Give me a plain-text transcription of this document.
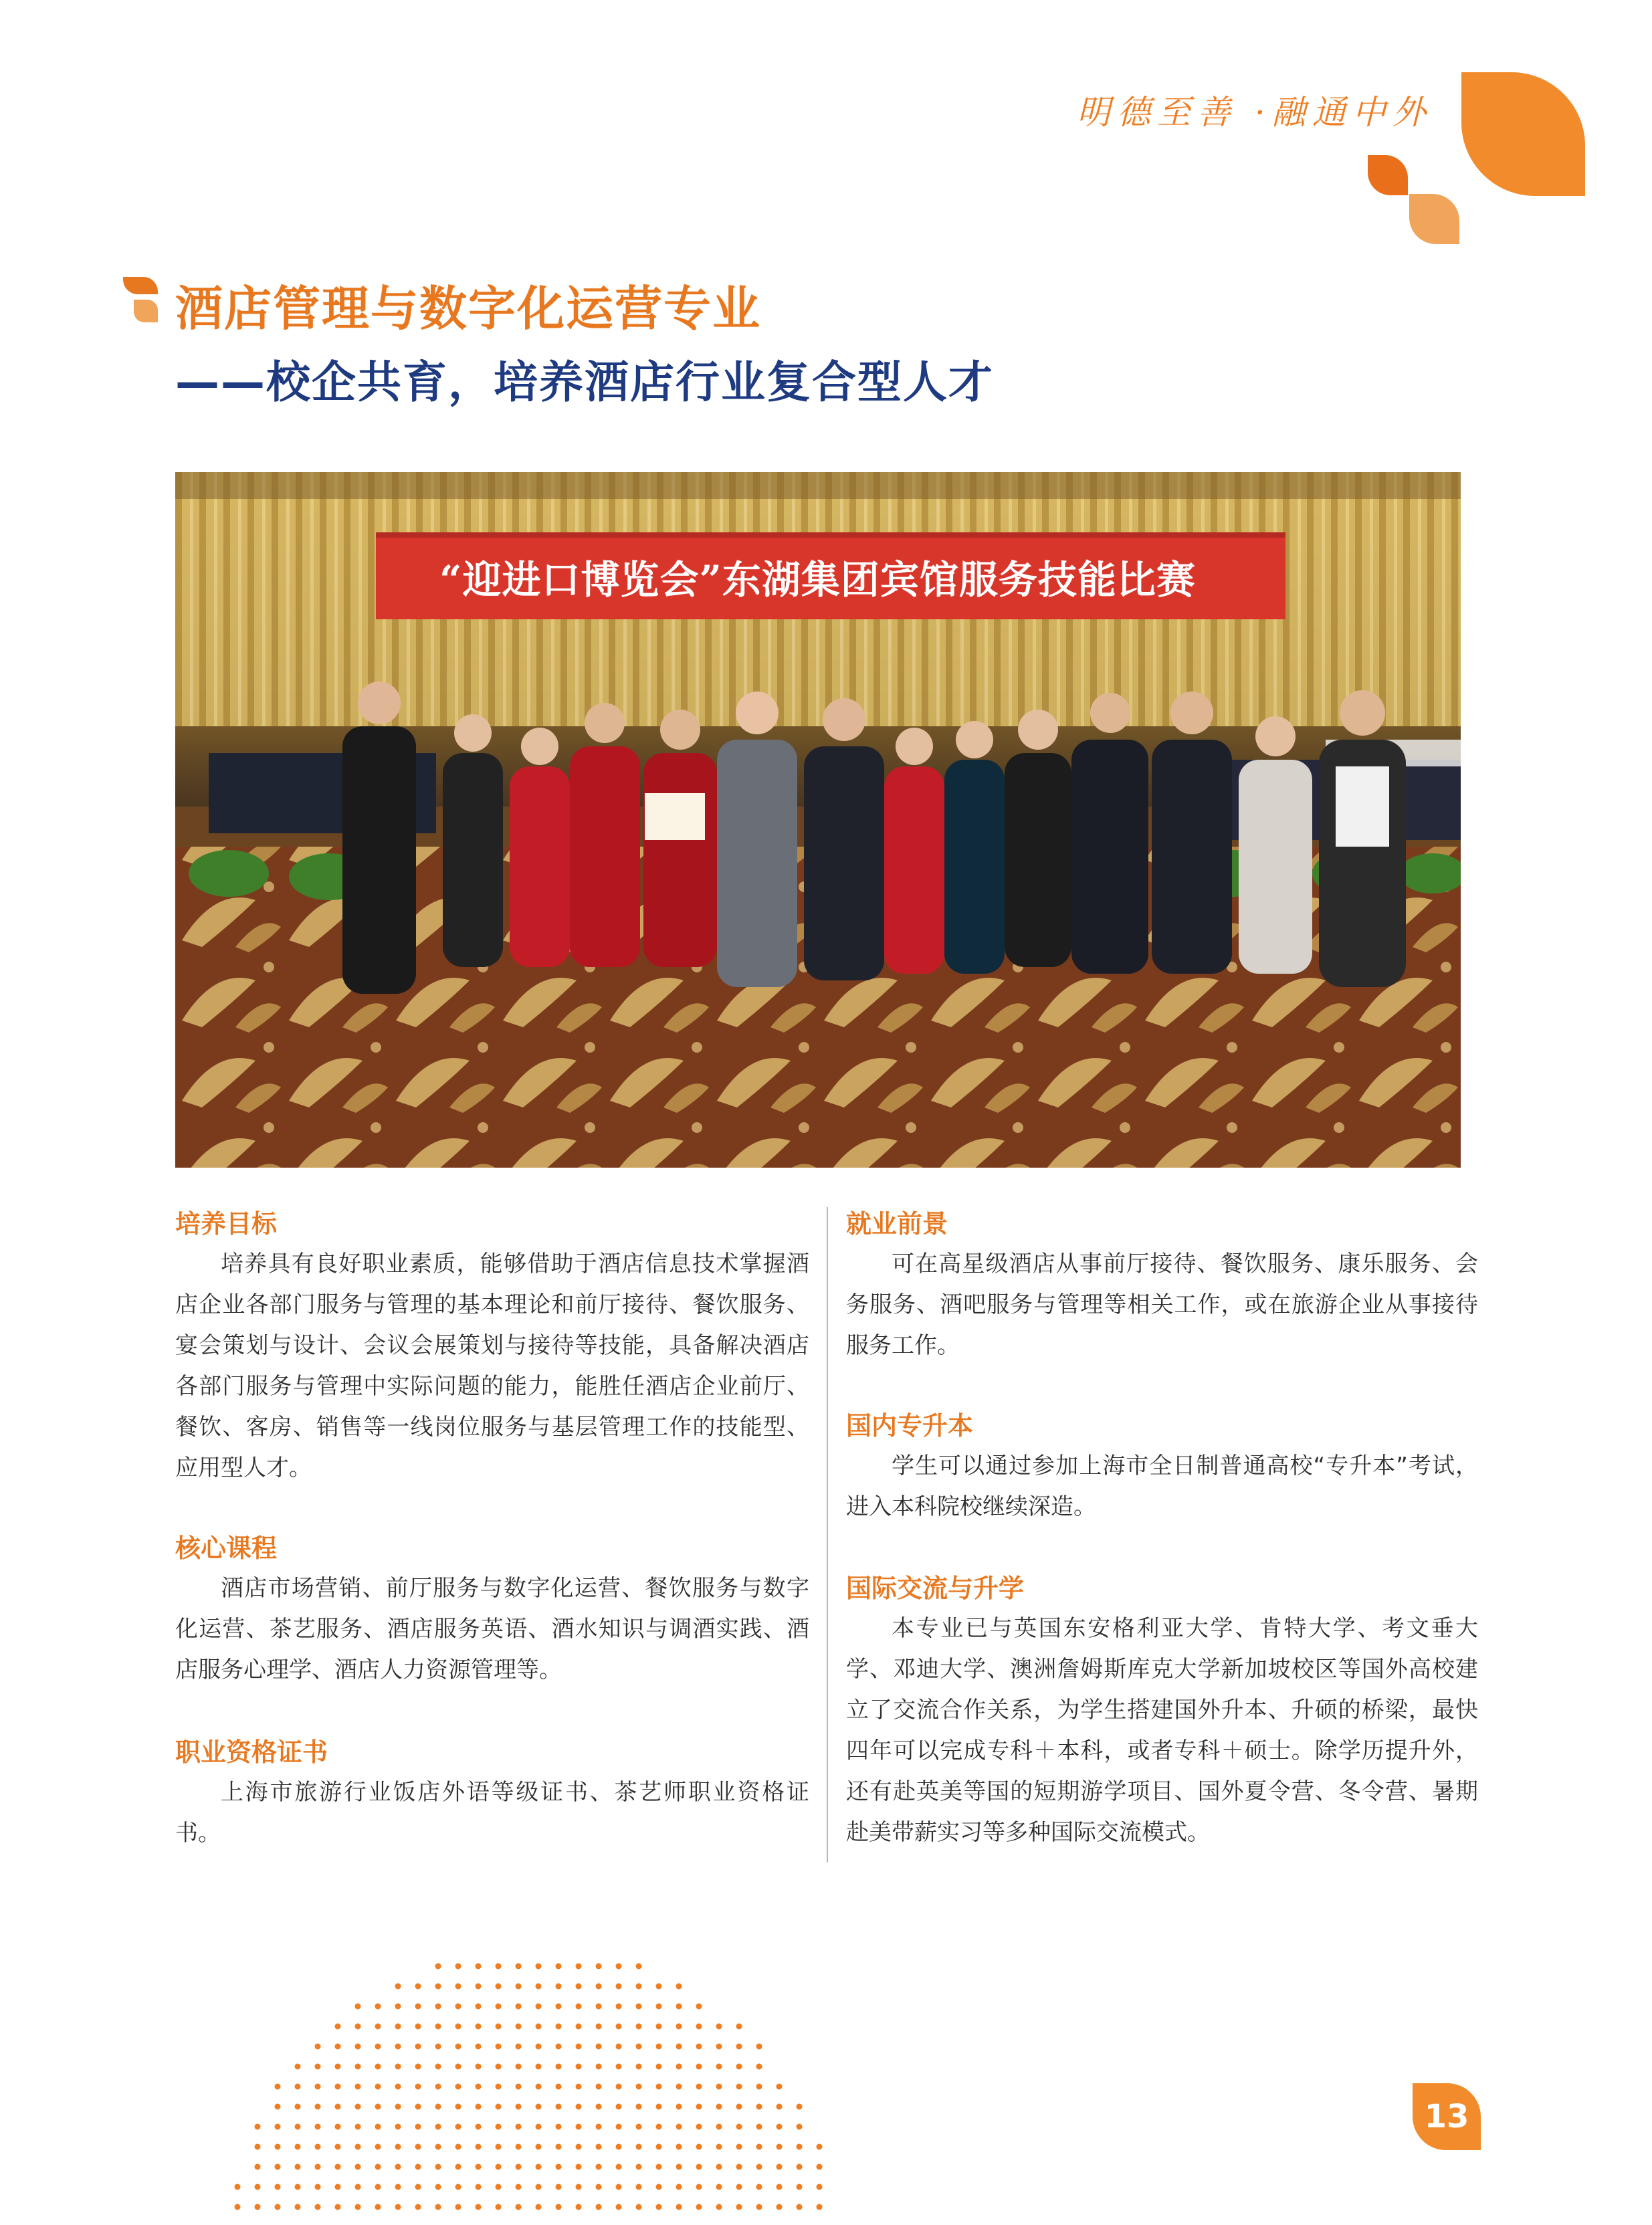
明德至善 ·融通中外
酒店管理与数字化运营专业
——校企共育，培养酒店行业复合型人才
“迎进口博览会”东湖集团宾馆服务技能比赛
培养目标

培养具有良好职业素质，能够借助于酒店信息技术掌握酒店企业各部门服务与管理的基本理论和前厅接待、餐饮服务、宴会策划与设计、会议会展策划与接待等技能，具备解决酒店各部门服务与管理中实际问题的能力，能胜任酒店企业前厅、餐饮、客房、销售等一线岗位服务与基层管理工作的技能型、应用型人才。

核心课程

酒店市场营销、前厅服务与数字化运营、餐饮服务与数字化运营、茶艺服务、酒店服务英语、酒水知识与调酒实践、酒店服务心理学、酒店人力资源管理等。

职业资格证书

上海市旅游行业饭店外语等级证书、茶艺师职业资格证书。

就业前景

可在高星级酒店从事前厅接待、餐饮服务、康乐服务、会务服务、酒吧服务与管理等相关工作，或在旅游企业从事接待服务工作。

国内专升本

学生可以通过参加上海市全日制普通高校“专升本”考试，进入本科院校继续深造。

国际交流与升学

本专业已与英国东安格利亚大学、肯特大学、考文垂大学、邓迪大学、澳洲詹姆斯库克大学新加坡校区等国外高校建立了交流合作关系，为学生搭建国外升本、升硕的桥梁，最快四年可以完成专科＋本科，或者专科＋硕士。除学历提升外，还有赴英美等国的短期游学项目、国外夏令营、冬令营、暑期赴美带薪实习等多种国际交流模式。

13
